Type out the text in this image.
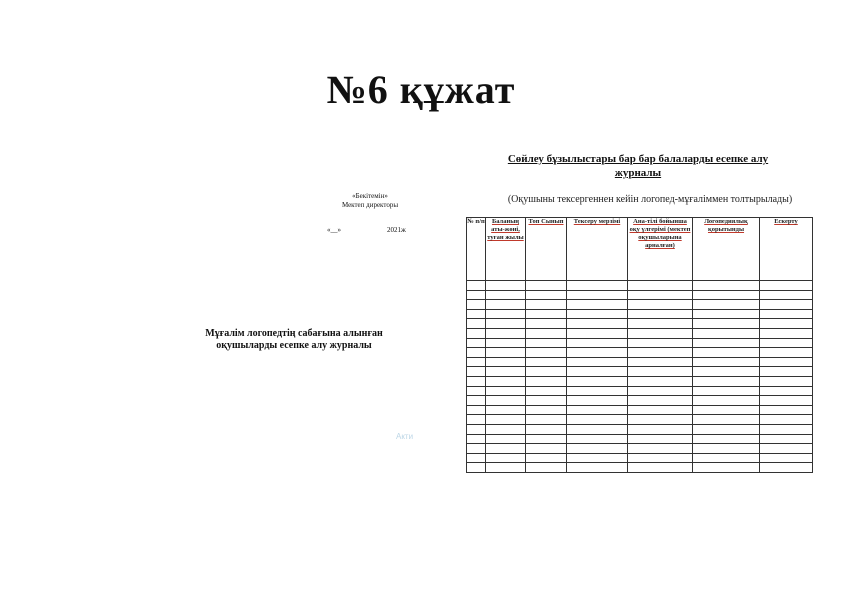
№6 құжат
«Бекітемін»
Мектеп директоры
«__»	2021ж
Мұғалім логопедтің сабағына алынған оқушыларды есепке алу журналы
Акти
Сөйлеу бұзылыстары бар бар балаларды есепке алу журналы
(Оқушыны тексергеннен кейін логопед-мұғаліммен толтырылады)
№ п/п	Баланың аты-жөні, туған жылы	Топ Сынып	Тексеру мерзімі	Ана-тілі бойынша оқу үлгерімі (мектеп оқушыларына арналған)	Логопедиялық қорытынды	Ескерту
